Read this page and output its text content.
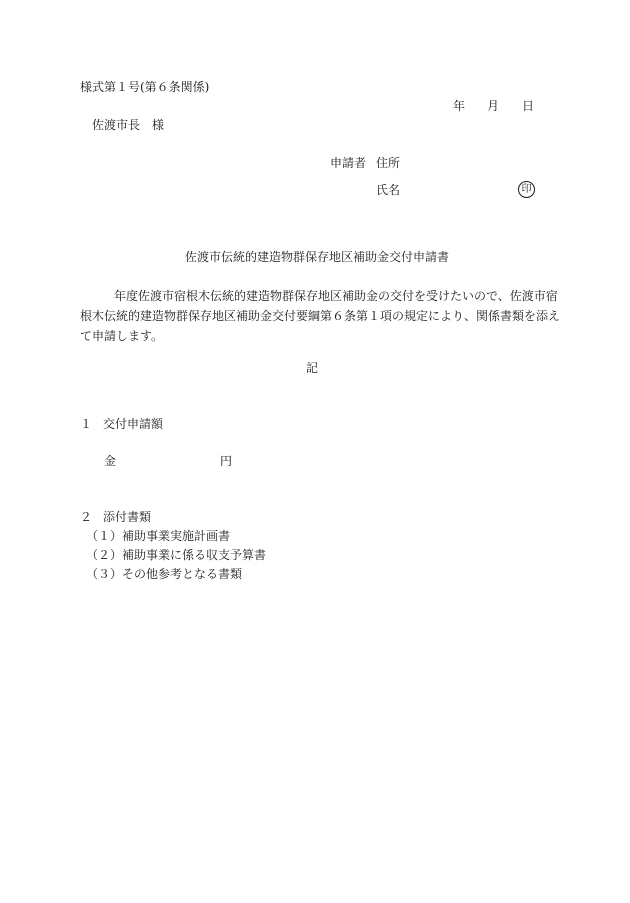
様式第１号(第６条関係)
年 月 日
佐渡市長　様
申請者 住所
氏名	印
佐渡市伝統的建造物群保存地区補助金交付申請書
年度佐渡市宿根木伝統的建造物群保存地区補助金の交付を受けたいので、佐渡市宿
根木伝統的建造物群保存地区補助金交付要綱第６条第１項の規定により、関係書類を添え
て申請します。
記
１ 交付申請額
金	円
２ 添付書類
（１）補助事業実施計画書
（２）補助事業に係る収支予算書
（３）その他参考となる書類
